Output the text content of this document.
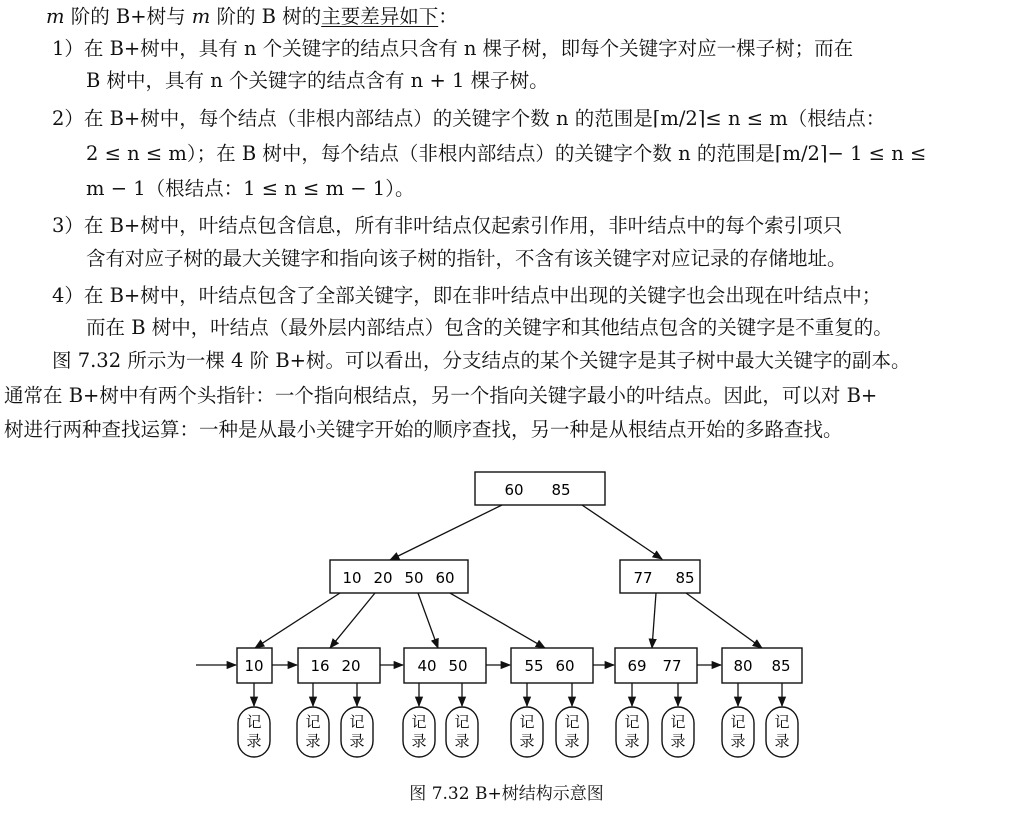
m 阶的 B+树与 m 阶的 B 树的主要差异如下：
1）在 B+树中，具有 n 个关键字的结点只含有 n 棵子树，即每个关键字对应一棵子树；而在
B 树中，具有 n 个关键字的结点含有 n + 1 棵子树。
2）在 B+树中，每个结点（非根内部结点）的关键字个数 n 的范围是⌈m/2⌉≤ n ≤ m（根结点：
2 ≤ n ≤ m）；在 B 树中，每个结点（非根内部结点）的关键字个数 n 的范围是⌈m/2⌉− 1 ≤ n ≤
m − 1（根结点：1 ≤ n ≤ m − 1）。
3）在 B+树中，叶结点包含信息，所有非叶结点仅起索引作用，非叶结点中的每个索引项只
含有对应子树的最大关键字和指向该子树的指针，不含有该关键字对应记录的存储地址。
4）在 B+树中，叶结点包含了全部关键字，即在非叶结点中出现的关键字也会出现在叶结点中；
而在 B 树中，叶结点（最外层内部结点）包含的关键字和其他结点包含的关键字是不重复的。
图 7.32 所示为一棵 4 阶 B+树。可以看出，分支结点的某个关键字是其子树中最大关键字的副本。
通常在 B+树中有两个头指针：一个指向根结点，另一个指向关键字最小的叶结点。因此，可以对 B+
树进行两种查找运算：一种是从最小关键字开始的顺序查找，另一种是从根结点开始的多路查找。
60 85
10 20 50 60	77 85
10	16 20	40 50	55 60	69 77	80 85
记
录
记
录
记
录
记
录
记
录
记
录
记
录
记
录
记
录
记
录
记
录
图 7.32 B+树结构示意图
